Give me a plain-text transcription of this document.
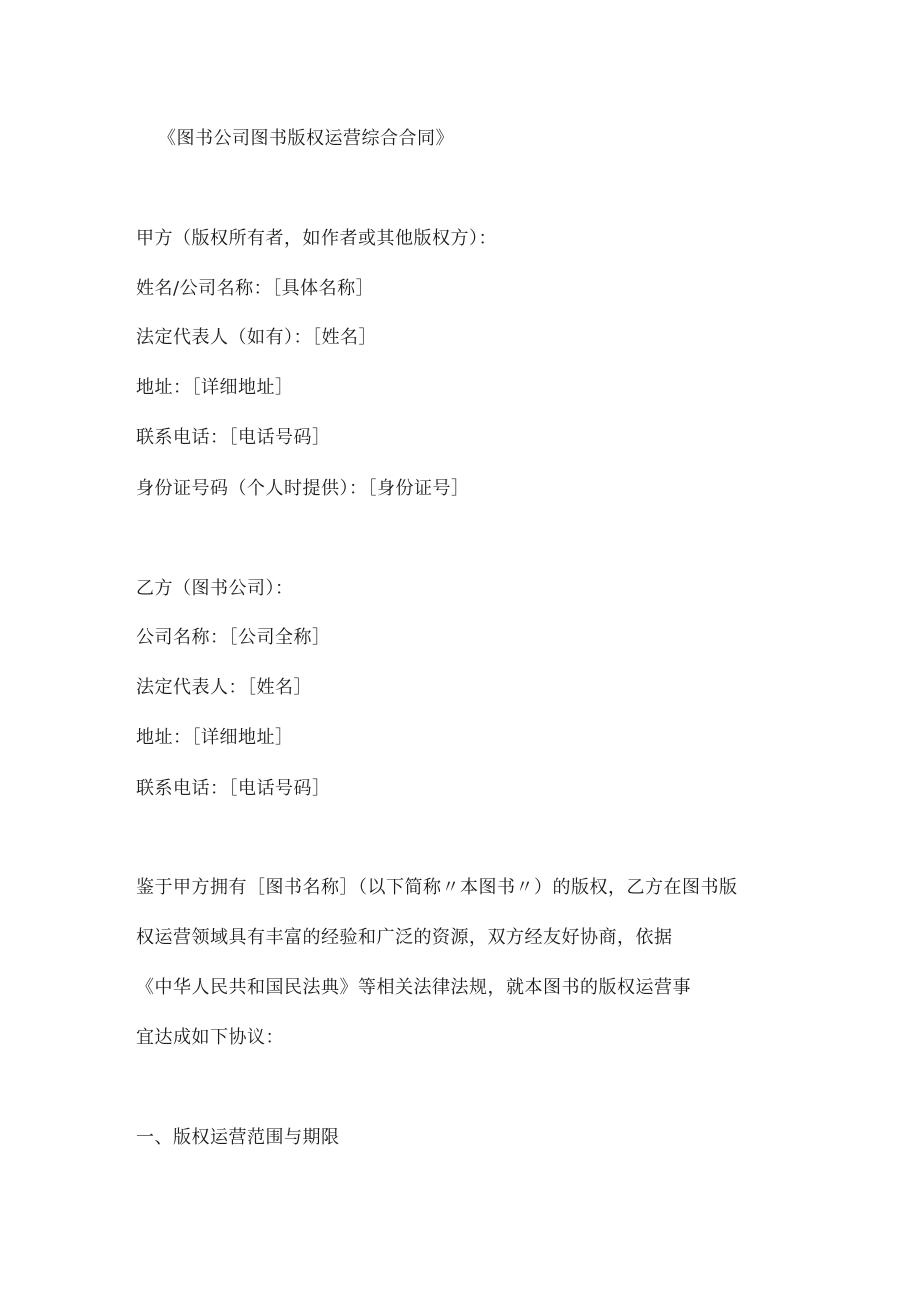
《图书公司图书版权运营综合合同》
甲方（版权所有者，如作者或其他版权方）：
姓名/公司名称：［具体名称］
法定代表人（如有）：［姓名］
地址：［详细地址］
联系电话：［电话号码］
身份证号码（个人时提供）：［身份证号］
乙方（图书公司）：
公司名称：［公司全称］
法定代表人：［姓名］
地址：［详细地址］
联系电话：［电话号码］
鉴于甲方拥有［图书名称］（以下简称〃本图书〃）的版权，乙方在图书版
权运营领域具有丰富的经验和广泛的资源，双方经友好协商，依据
《中华人民共和国民法典》等相关法律法规，就本图书的版权运营事
宜达成如下协议：
一、版权运营范围与期限
